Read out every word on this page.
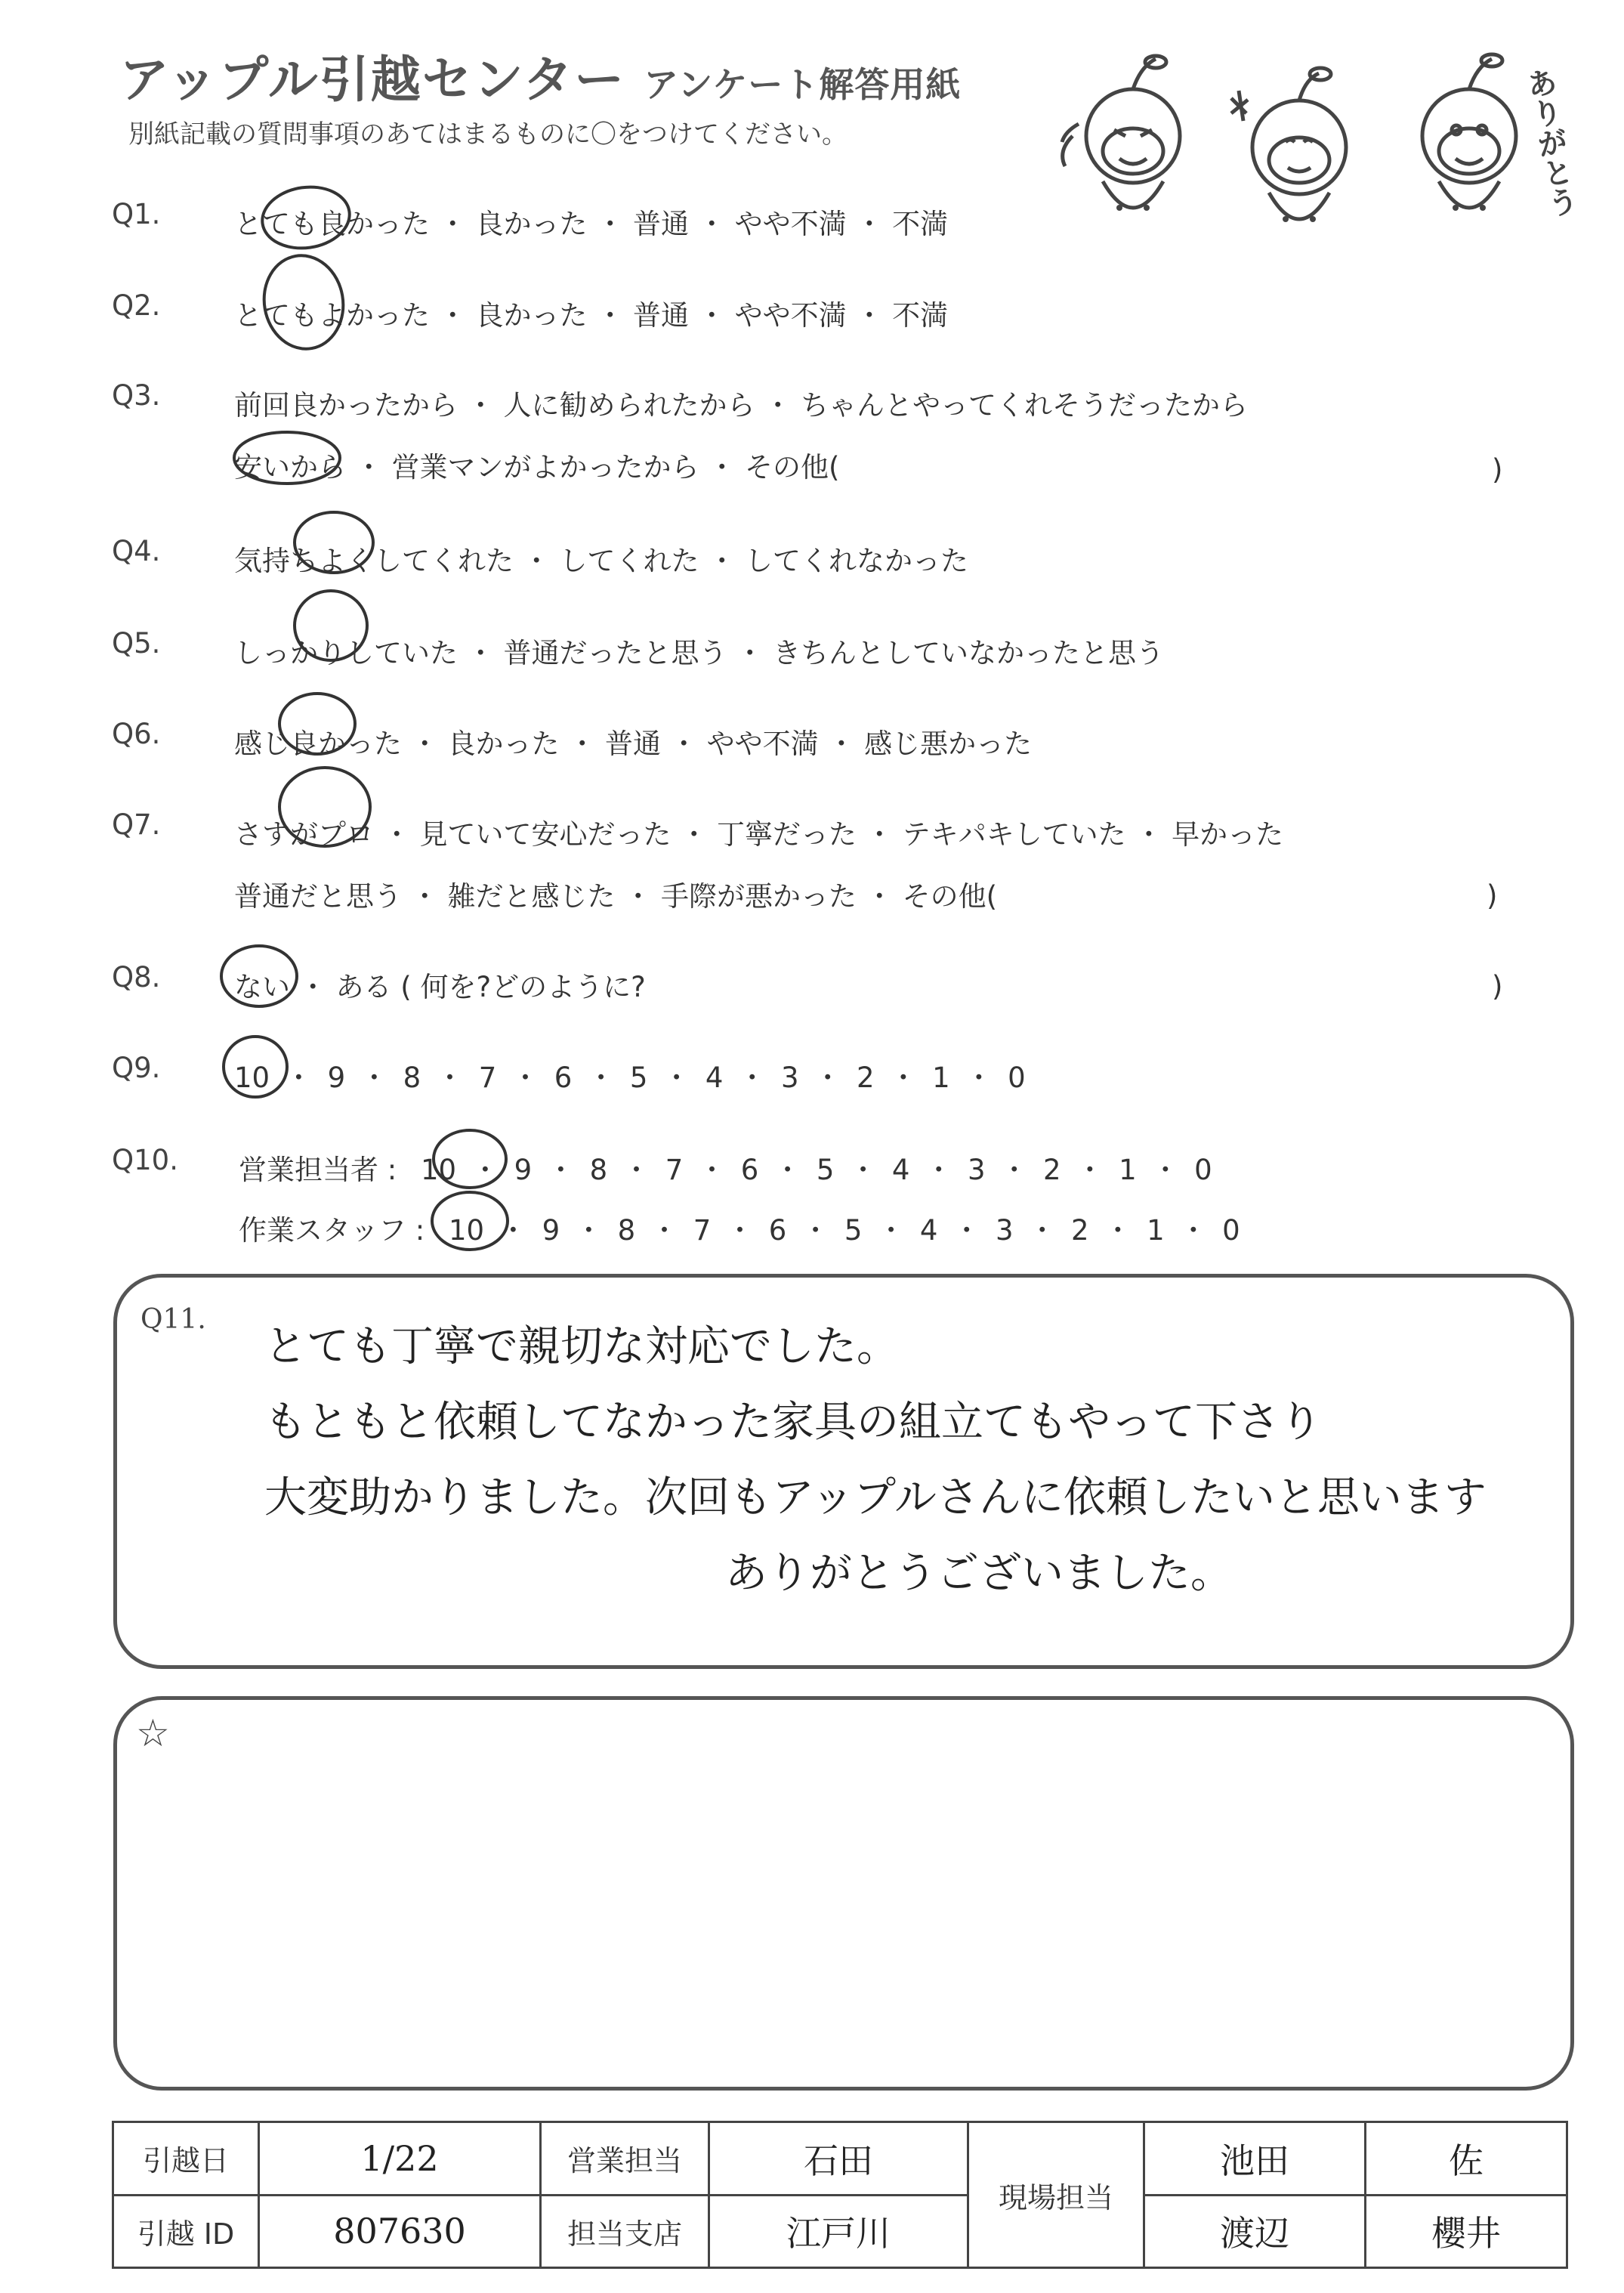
アップル引越センター アンケート解答用紙
別紙記載の質問事項のあてはまるものに〇をつけてください。	ありがとう
Q1.	とても良かった ・ 良かった ・ 普通 ・ やや不満 ・ 不満
Q2.	とてもよかった ・ 良かった ・ 普通 ・ やや不満 ・ 不満
Q3.	前回良かったから ・ 人に勧められたから ・ ちゃんとやってくれそうだったから
安いから ・ 営業マンがよかったから ・ その他(	)
Q4.	気持ちよくしてくれた ・ してくれた ・ してくれなかった
Q5.	しっかりしていた ・ 普通だったと思う ・ きちんとしていなかったと思う
Q6.	感じ良かった ・ 良かった ・ 普通 ・ やや不満 ・ 感じ悪かった
Q7.	さすがプロ ・ 見ていて安心だった ・ 丁寧だった ・ テキパキしていた ・ 早かった
普通だと思う ・ 雑だと感じた ・ 手際が悪かった ・ その他(	)
Q8.	ない ・ ある ( 何を?どのように?	)
Q9.	10 ・ 9 ・ 8 ・ 7 ・ 6 ・ 5 ・ 4 ・ 3 ・ 2 ・ 1 ・ 0
Q10. 営業担当者 : 10 ・ 9 ・ 8 ・ 7 ・ 6 ・ 5 ・ 4 ・ 3 ・ 2 ・ 1 ・ 0
作業スタッフ : 10 ・ 9 ・ 8 ・ 7 ・ 6 ・ 5 ・ 4 ・ 3 ・ 2 ・ 1 ・ 0
Q11.
とても丁寧で親切な対応でした。
もともと依頼してなかった家具の組立てもやって下さり
大変助かりました。次回もアップルさんに依頼したいと思います
ありがとうございました。
☆
引越日	1/22	営業担当	石田	現場担当	池田	佐
引越 ID	807630	担当支店	江戸川		渡辺	櫻井
